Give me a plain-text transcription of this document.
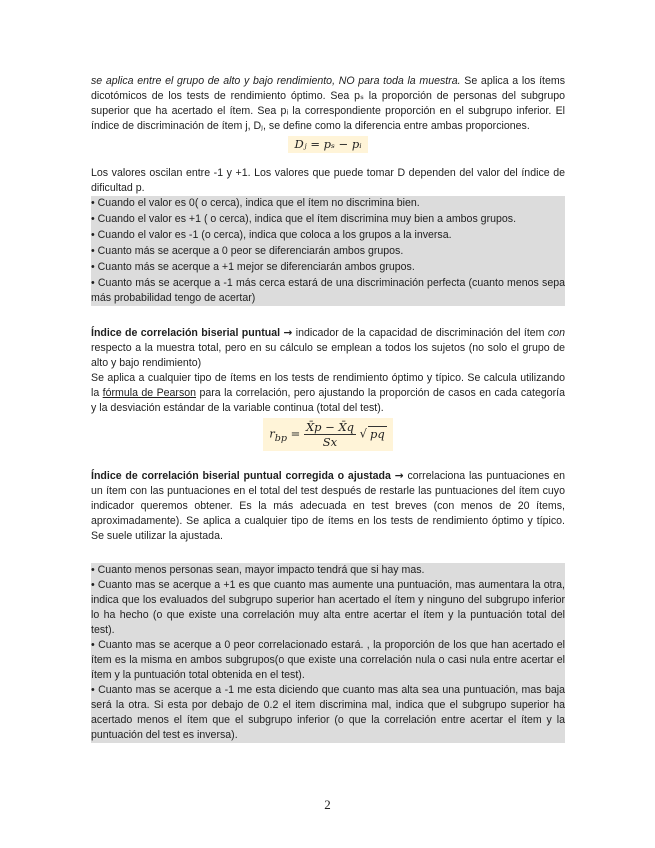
se aplica entre el grupo de alto y bajo rendimiento, NO para toda la muestra. Se aplica a los ítems dicotómicos de los tests de rendimiento óptimo. Sea pₛ la proporción de personas del subgrupo superior que ha acertado el ítem. Sea pᵢ la correspondiente proporción en el subgrupo inferior. El índice de discriminación de ítem j, Dⱼ, se define como la diferencia entre ambas proporciones.

Dⱼ = pₛ − pᵢ

Los valores oscilan entre -1 y +1. Los valores que puede tomar D dependen del valor del índice de dificultad p.

• Cuando el valor es 0( o cerca), indica que el ítem no discrimina bien.
• Cuando el valor es +1 ( o cerca), indica que el ítem discrimina muy bien a ambos grupos.
• Cuando el valor es -1 (o cerca), indica que coloca a los grupos a la inversa.
• Cuanto más se acerque a 0 peor se diferenciarán ambos grupos.
• Cuanto más se acerque a +1 mejor se diferenciarán ambos grupos.
• Cuanto más se acerque a -1 más cerca estará de una discriminación perfecta (cuanto menos sepa más probabilidad tengo de acertar)

Índice de correlación biserial puntual → indicador de la capacidad de discriminación del ítem con respecto a la muestra total, pero en su cálculo se emplean a todos los sujetos (no solo el grupo de alto y bajo rendimiento)

Se aplica a cualquier tipo de ítems en los tests de rendimiento óptimo y típico. Se calcula utilizando la fórmula de Pearson para la correlación, pero ajustando la proporción de casos en cada categoría y la desviación estándar de la variable continua (total del test).

$r_{bp} = \frac{X̄p - X̄q}{Sx}$ √ pq

Índice de correlación biserial puntual corregida o ajustada → correlaciona las puntuaciones en un ítem con las puntuaciones en el total del test después de restarle las puntuaciones del ítem cuyo indicador queremos obtener. Es la más adecuada en test breves (con menos de 20 ítems, aproximadamente). Se aplica a cualquier tipo de ítems en los tests de rendimiento óptimo y típico. Se suele utilizar la ajustada.

• Cuanto menos personas sean, mayor impacto tendrá que si hay mas.
• Cuanto mas se acerque a +1 es que cuanto mas aumente una puntuación, mas aumentara la otra, indica que los evaluados del subgrupo superior han acertado el ítem y ninguno del subgrupo inferior lo ha hecho (o que existe una correlación muy alta entre acertar el ítem y la puntuación total del test).
• Cuanto mas se acerque a 0 peor correlacionado estará. , la proporción de los que han acertado el ítem es la misma en ambos subgrupos(o que existe una correlación nula o casi nula entre acertar el ítem y la puntuación total obtenida en el test).
• Cuanto mas se acerque a -1 me esta diciendo que cuanto mas alta sea una puntuación, mas baja será la otra. Si esta por debajo de 0.2 el item discrimina mal, indica que el subgrupo superior ha acertado menos el ítem que el subgrupo inferior (o que la correlación entre acertar el ítem y la puntuación del test es inversa).
2
